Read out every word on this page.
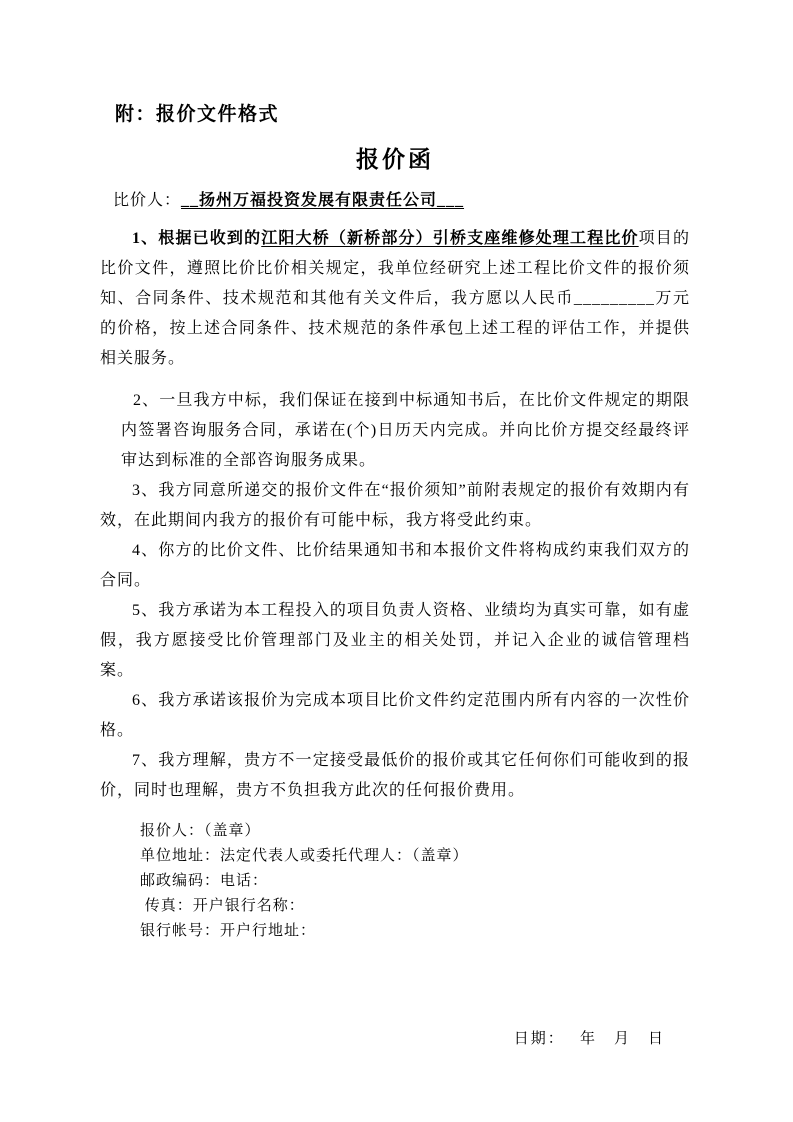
附：报价文件格式
报价函
比价人：__扬州万福投资发展有限责任公司___

1、根据已收到的江阳大桥（新桥部分）引桥支座维修处理工程比价项目的比价文件，遵照比价比价相关规定，我单位经研究上述工程比价文件的报价须知、合同条件、技术规范和其他有关文件后，我方愿以人民币_________万元的价格，按上述合同条件、技术规范的条件承包上述工程的评估工作，并提供相关服务。

2、一旦我方中标，我们保证在接到中标通知书后，在比价文件规定的期限内签署咨询服务合同，承诺在(个)日历天内完成。并向比价方提交经最终评审达到标准的全部咨询服务成果。

3、我方同意所递交的报价文件在“报价须知”前附表规定的报价有效期内有效，在此期间内我方的报价有可能中标，我方将受此约束。

4、你方的比价文件、比价结果通知书和本报价文件将构成约束我们双方的合同。

5、我方承诺为本工程投入的项目负责人资格、业绩均为真实可靠，如有虚假，我方愿接受比价管理部门及业主的相关处罚，并记入企业的诚信管理档案。

6、我方承诺该报价为完成本项目比价文件约定范围内所有内容的一次性价格。

7、我方理解，贵方不一定接受最低价的报价或其它任何你们可能收到的报价，同时也理解，贵方不负担我方此次的任何报价费用。

报价人：（盖章）
单位地址：法定代表人或委托代理人：（盖章）
邮政编码：电话：
传真：开户银行名称：
银行帐号：开户行地址：
日期：　 年　月　日
